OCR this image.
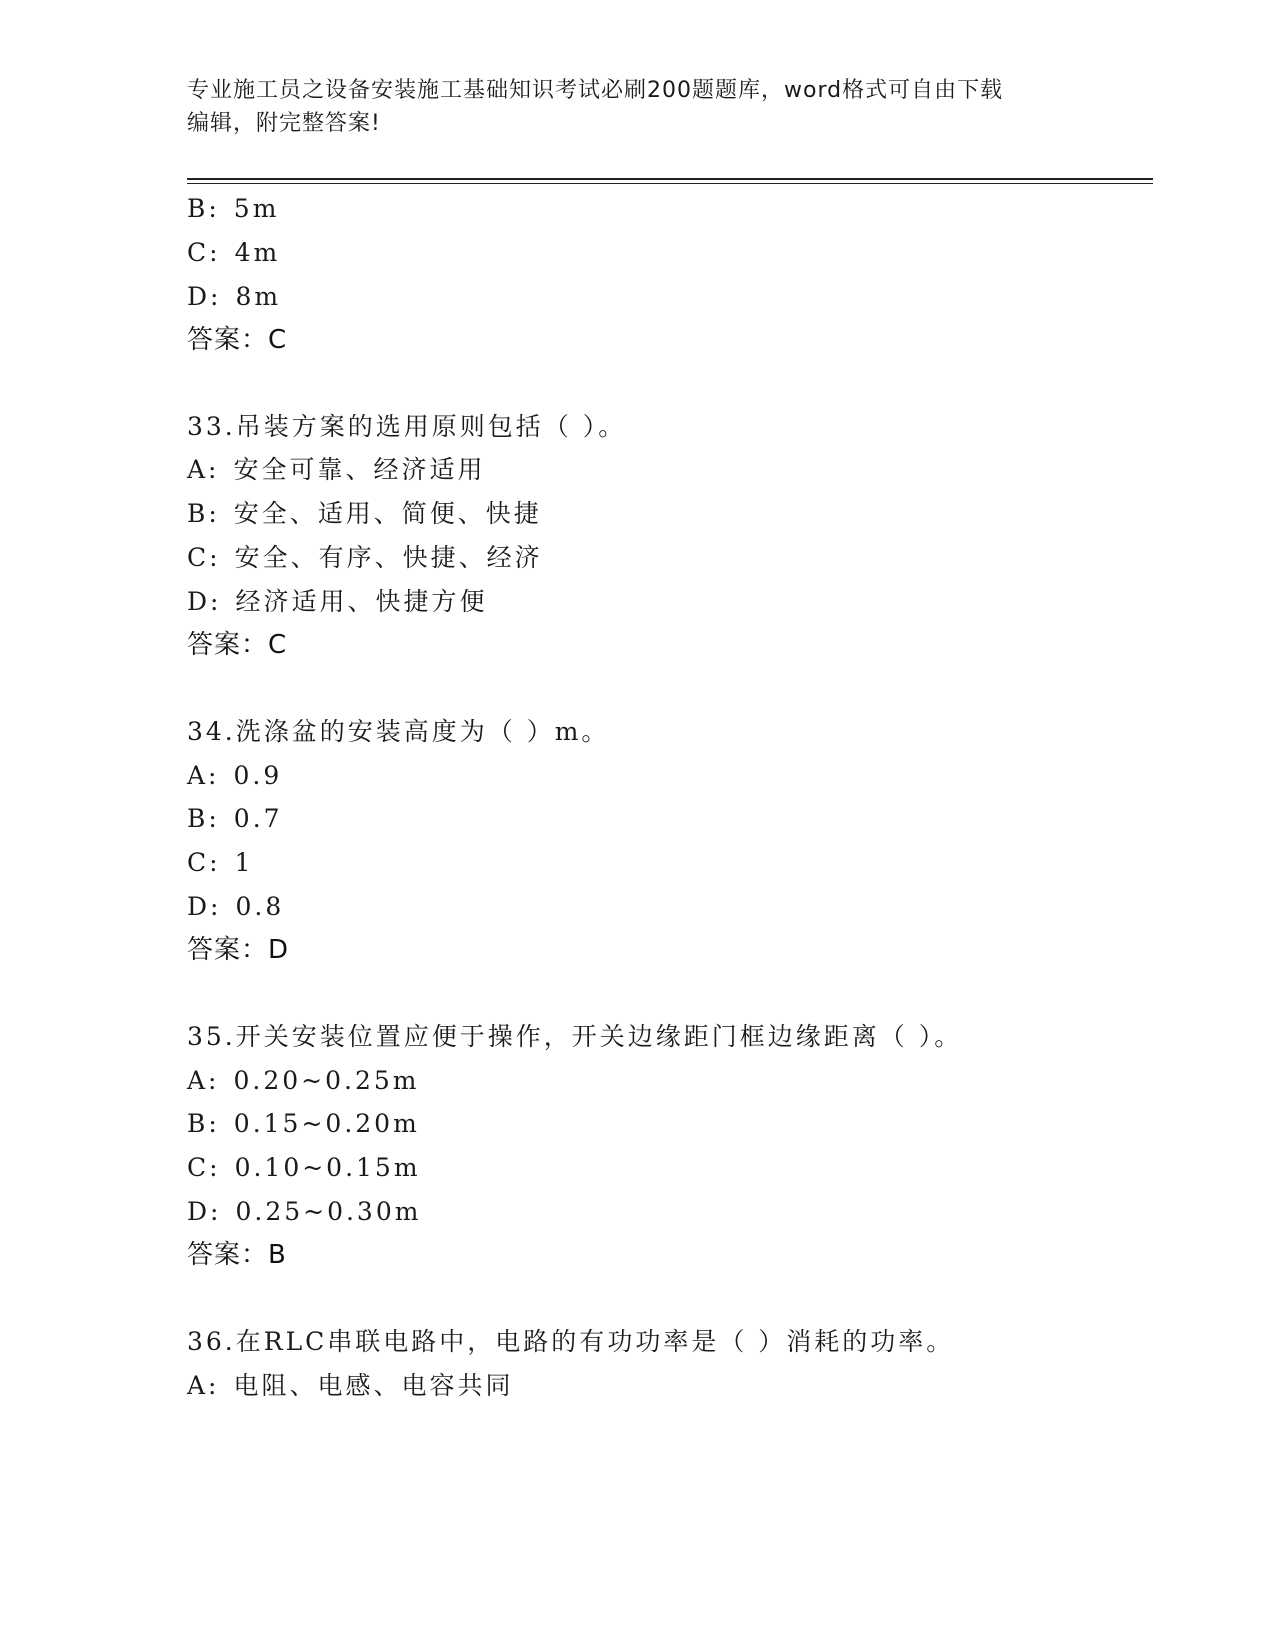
专业施工员之设备安装施工基础知识考试必刷200题题库，word格式可自由下载
编辑，附完整答案!
B: 5m
C: 4m
D: 8m
答案：C
33.吊装方案的选用原则包括（ ）。
A: 安全可靠、经济适用
B: 安全、适用、简便、快捷
C: 安全、有序、快捷、经济
D: 经济适用、快捷方便
答案：C
34.洗涤盆的安装高度为（ ）m。
A: 0.9
B: 0.7
C: 1
D: 0.8
答案：D
35.开关安装位置应便于操作，开关边缘距门框边缘距离（ ）。
A: 0.20~0.25m
B: 0.15~0.20m
C: 0.10~0.15m
D: 0.25~0.30m
答案：B
36.在RLC串联电路中，电路的有功功率是（ ）消耗的功率。
A: 电阻、电感、电容共同
